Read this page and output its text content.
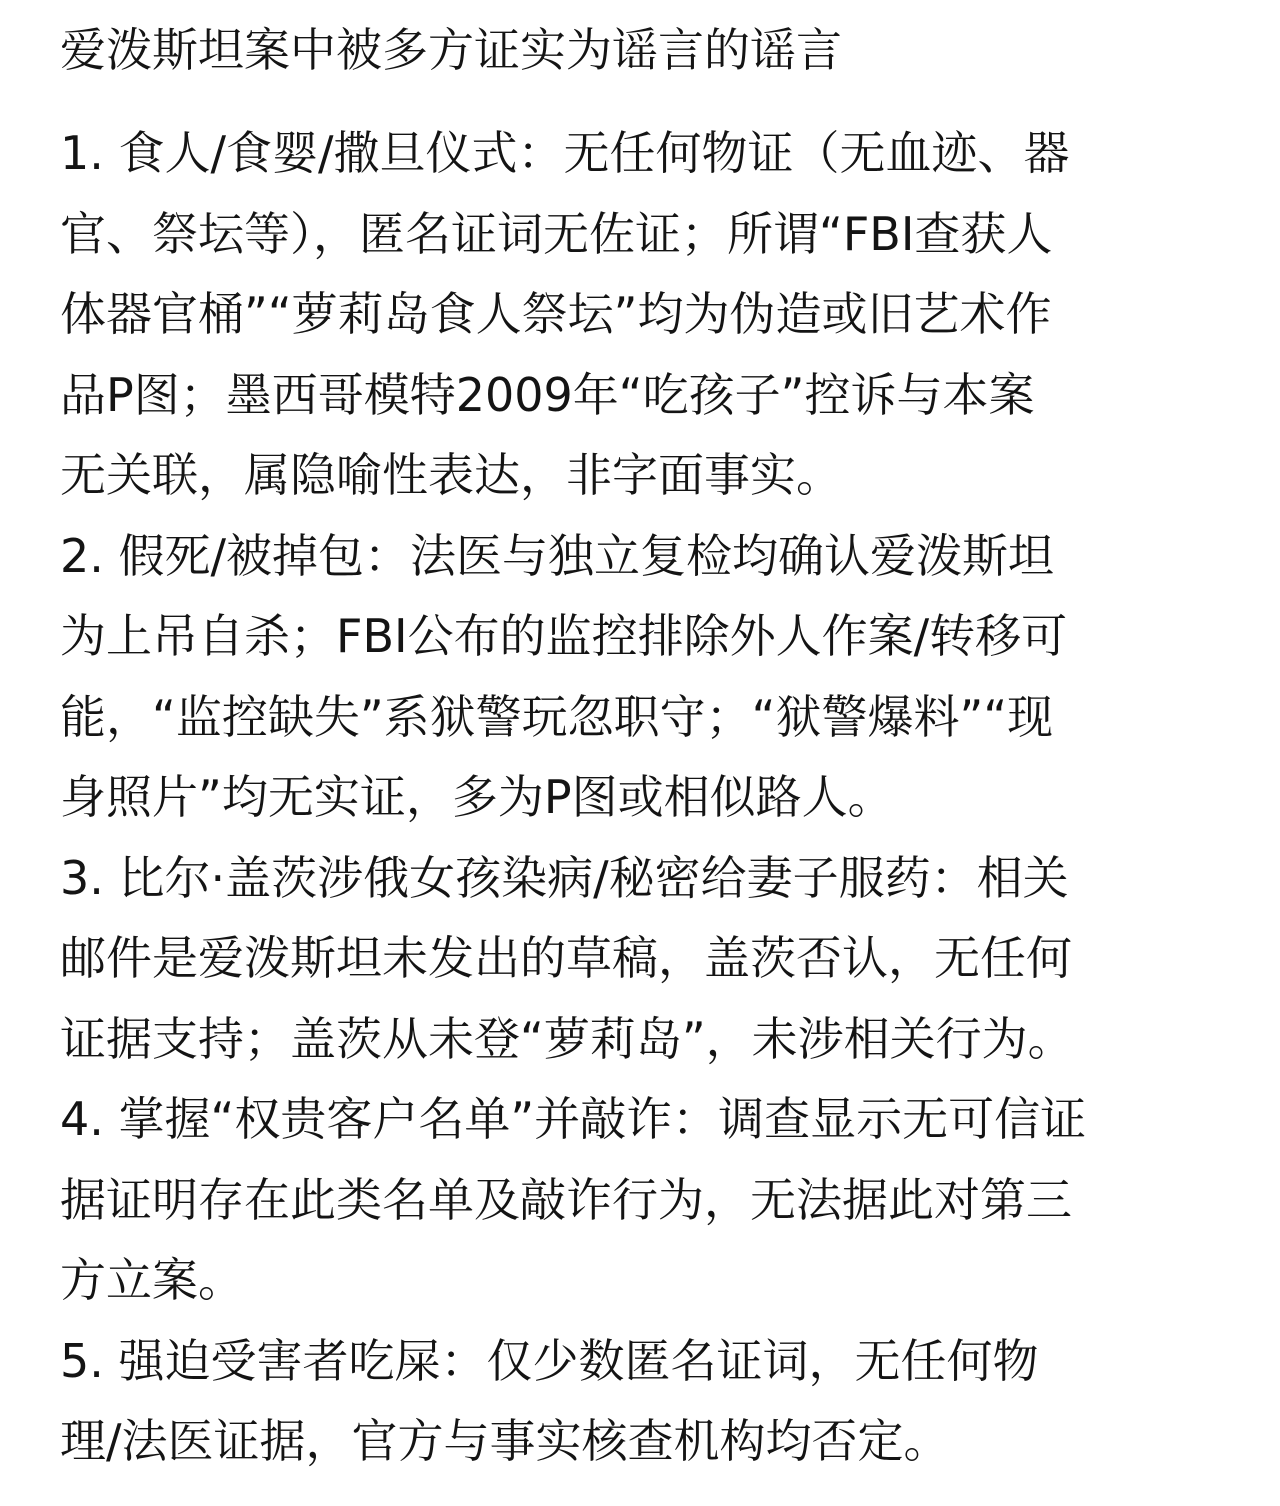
爱泼斯坦案中被多方证实为谣言的谣言
1. 食人/食婴/撒旦仪式：无任何物证（无血迹、器
官、祭坛等），匿名证词无佐证；所谓“FBI查获人
体器官桶”“萝莉岛食人祭坛”均为伪造或旧艺术作
品P图；墨西哥模特2009年“吃孩子”控诉与本案
无关联，属隐喻性表达，非字面事实。
2. 假死/被掉包：法医与独立复检均确认爱泼斯坦
为上吊自杀；FBI公布的监控排除外人作案/转移可
能，“监控缺失”系狱警玩忽职守；“狱警爆料”“现
身照片”均无实证，多为P图或相似路人。
3. 比尔·盖茨涉俄女孩染病/秘密给妻子服药：相关
邮件是爱泼斯坦未发出的草稿，盖茨否认，无任何
证据支持；盖茨从未登“萝莉岛”，未涉相关行为。
4. 掌握“权贵客户名单”并敲诈：调查显示无可信证
据证明存在此类名单及敲诈行为，无法据此对第三
方立案。
5. 强迫受害者吃屎：仅少数匿名证词，无任何物
理/法医证据，官方与事实核查机构均否定。
